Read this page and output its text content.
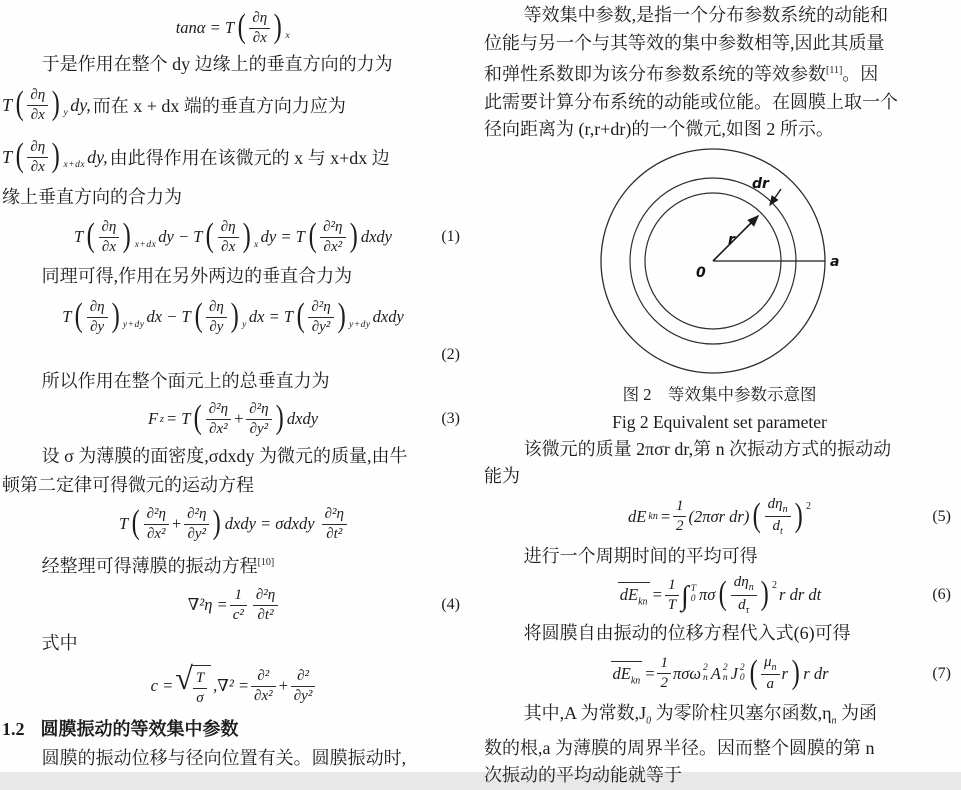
tanα = T ( ∂η
∂x ) x
于是作用在整个 dy 边缘上的垂直方向的力为
T ( ∂η
∂x ) y dy, 而在 x + dx 端的垂直方向力应为
T ( ∂η
∂x ) x+dx dy, 由此得作用在该微元的 x 与 x+dx 边
缘上垂直方向的合力为
T ( ∂η
∂x ) x+dx dy − T ( ∂η
∂x ) x dy = T ( ∂²η
∂x² ) dxdy	(1)
同理可得,作用在另外两边的垂直合力为
T ( ∂η
∂y ) y+dy dx − T ( ∂η
∂y ) y dx = T ( ∂²η
∂y² ) y+dy dxdy
(2)
所以作用在整个面元上的总垂直力为
F z = T ( ∂²η
∂x²
+ $\frac{\text{∂²η}}{\text{∂y²}}$ ) dxdy	(3)
设 σ 为薄膜的面密度,σdxdy 为微元的质量,由牛
顿第二定律可得微元的运动方程
T ( ∂²η
∂x²
+ $\frac{\text{∂²η}}{\text{∂y²}}$ ) dxdy = σdxdy
∂²η
∂t²
经整理可得薄膜的振动方程[10]
$\nabla^2\eta = \frac{1}{\text{c²}} \partial^2\eta$
∂t²
(4)
式中
c = √ $\frac{T}{\sigma} ,\nabla^2$ =
∂²
∂x²
+
∂²
∂y²
1.2 圆膜振动的等效集中参数
圆膜的振动位移与径向位置有关。圆膜振动时,
等效集中参数,是指一个分布参数系统的动能和
位能与另一个与其等效的集中参数相等,因此其质量
和弹性系数即为该分布参数系统的等效参数[11]。因
此需要计算分布系统的动能或位能。在圆膜上取一个
径向距离为 (r,r+dr)的一个微元,如图 2 所示。
dr
r
0
a
图 2　等效集中参数示意图
Fig 2 Equivalent set parameter
该微元的质量 2πσr dr,第 n 次振动方式的振动动
能为
dE kn = $\frac{1}{2} (2\pi\sigma r$ dr) ( $d\eta_n$
$d_t$ ) 2
(5)
进行一个周期时间的平均可得
$dE_{kn} = \frac{1}{T}$ ∫ T
0 πσ ( $d\eta_n$
$d_\tau$ ) 2 r dr dt	(6)
将圆膜自由振动的位移方程代入式(6)可得
$dE_{kn} = \frac{1}{2}$ πσω 2
n A 2
n J 2
0 ( $\mu_n$
a
r ) r dr	(7)
其中,A 为常数$,J_0$ 为零阶柱贝塞尔函数$,\eta_n$ 为函
数的根,a 为薄膜的周界半径。因而整个圆膜的第 n
次振动的平均动能就等于
